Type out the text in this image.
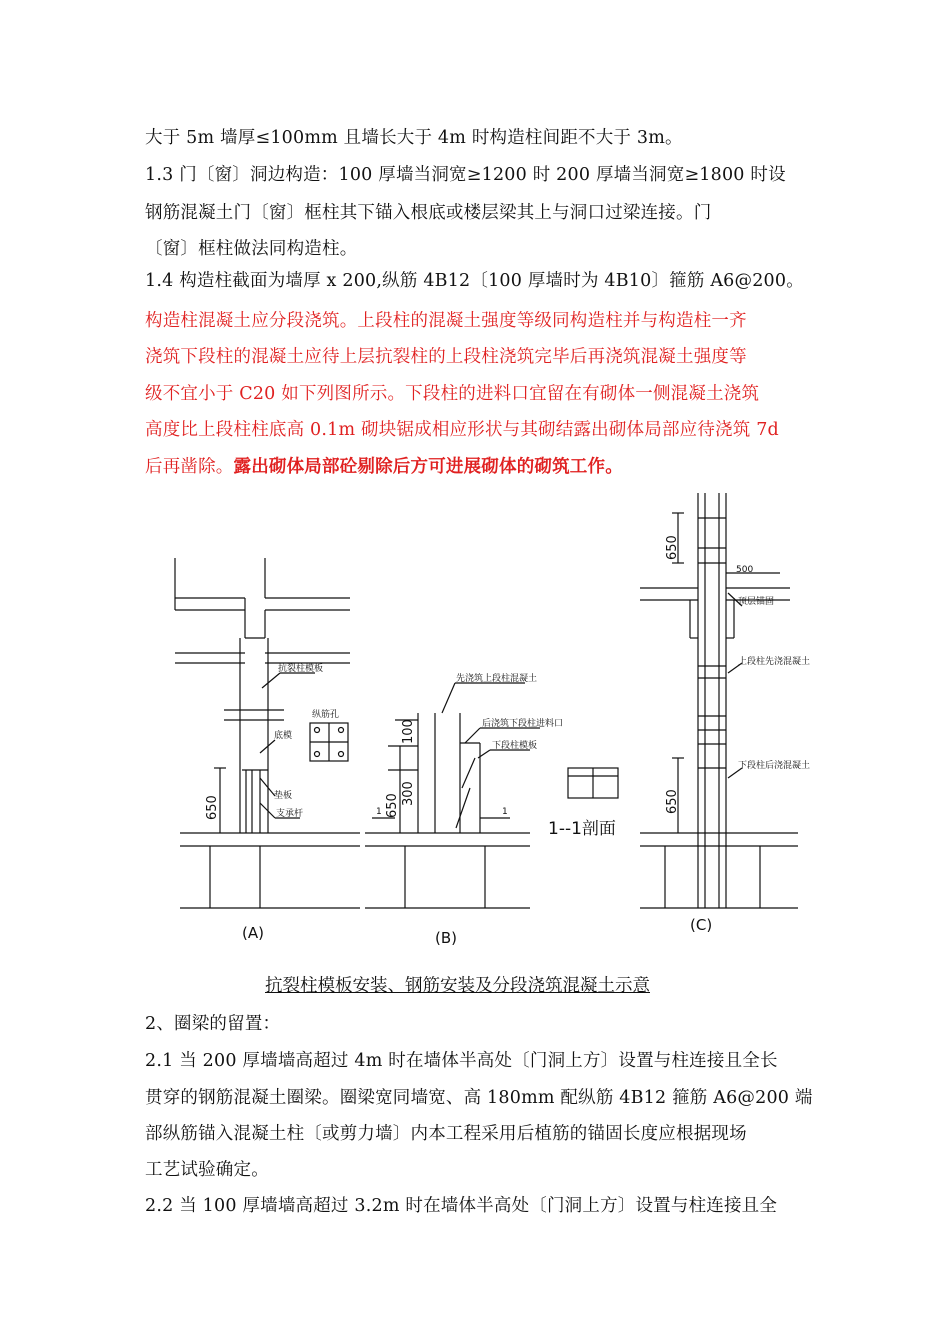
大于 5m 墙厚≤100mm 且墙长大于 4m 时构造柱间距不大于 3m。
1.3 门〔窗〕洞边构造：100 厚墙当洞宽≥1200 时 200 厚墙当洞宽≥1800 时设
钢筋混凝土门〔窗〕框柱其下锚入根底或楼层梁其上与洞口过梁连接。门
〔窗〕框柱做法同构造柱。
1.4 构造柱截面为墙厚 x 200,纵筋 4B12〔100 厚墙时为 4B10〕箍筋 A6@200。
构造柱混凝土应分段浇筑。上段柱的混凝土强度等级同构造柱并与构造柱一齐
浇筑下段柱的混凝土应待上层抗裂柱的上段柱浇筑完毕后再浇筑混凝土强度等
级不宜小于 C20 如下列图所示。下段柱的进料口宜留在有砌体一侧混凝土浇筑
高度比上段柱柱底高 0.1m 砌块锯成相应形状与其砌结露出砌体局部应待浇筑 7d
后再凿除。露出砌体局部砼剔除后方可进展砌体的砌筑工作。
抗裂柱模板
纵筋孔
底模
垫板
支承杆
先浇筑上段柱混凝土
后浇筑下段柱进料口
下段柱模板
顶层锚固
上段柱先浇混凝土
下段柱后浇混凝土
500
1	1
650
100
300
650
650
650
1--1剖面
(A)	(B)
(C)
抗裂柱模板安装、钢筋安装及分段浇筑混凝土示意
2、圈梁的留置：
2.1 当 200 厚墙墙高超过 4m 时在墙体半高处〔门洞上方〕设置与柱连接且全长
贯穿的钢筋混凝土圈梁。圈梁宽同墙宽、高 180mm 配纵筋 4B12 箍筋 A6@200 端
部纵筋锚入混凝土柱〔或剪力墙〕内本工程采用后植筋的锚固长度应根据现场
工艺试验确定。
2.2 当 100 厚墙墙高超过 3.2m 时在墙体半高处〔门洞上方〕设置与柱连接且全
